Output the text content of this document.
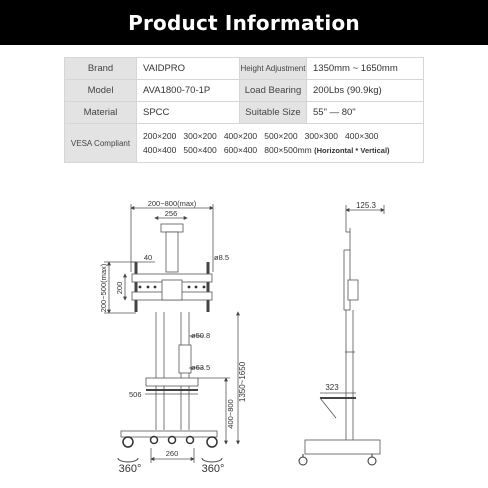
Product Information
Brand	VAIDPRO	Height Adjustment	1350mm ~ 1650mm
Model	AVA1800-70-1P	Load Bearing	200Lbs (90.9kg)
Material	SPCC	Suitable Size	55" — 80"
VESA Compliant	200×200   300×200   400×200   500×200   300×300   400×300
400×400   500×400   600×400   800×500mm (Horizontal * Vertical)		
200~800(max)
256
40	ø8.5
200~500(max) 200
ø50.8
ø63.5
506	1350~1650
400~800
260
360°	360°
125.3
323
